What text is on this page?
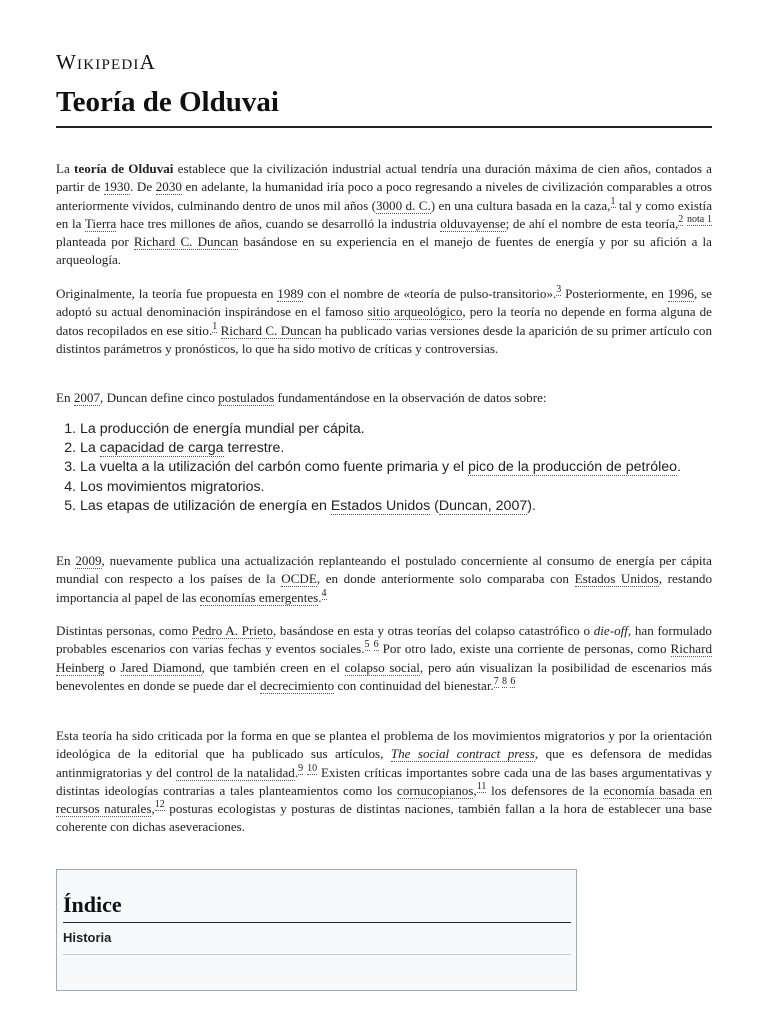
WikipediA
Teoría de Olduvai

La teoría de Olduvai establece que la civilización industrial actual tendría una duración máxima de cien años, contados a partir de 1930. De 2030 en adelante, la humanidad iría poco a poco regresando a niveles de civilización comparables a otros anteriormente vividos, culminando dentro de unos mil años (3000 d. C.) en una cultura basada en la caza,$^1$ tal y como existía en la Tierra hace tres millones de años, cuando se desarrolló la industria olduvayense; de ahí el nombre de esta teoría,$^2$ $^{nota 1}$ planteada por Richard C. Duncan basándose en su experiencia en el manejo de fuentes de energía y por su afición a la arqueología.

Originalmente, la teoría fue propuesta en 1989 con el nombre de «teoría de pulso-transitorio».$^3$ Posteriormente, en 1996, se adoptó su actual denominación inspirándose en el famoso sitio arqueológico, pero la teoría no depende en forma alguna de datos recopilados en ese sitio.$^1$ Richard C. Duncan ha publicado varias versiones desde la aparición de su primer artículo con distintos parámetros y pronósticos, lo que ha sido motivo de críticas y controversias.

En 2007, Duncan define cinco postulados fundamentándose en la observación de datos sobre:

1. La producción de energía mundial per cápita.
2. La capacidad de carga terrestre.
3. La vuelta a la utilización del carbón como fuente primaria y el pico de la producción de petróleo.
4. Los movimientos migratorios.
5. Las etapas de utilización de energía en Estados Unidos (Duncan, 2007).

En 2009, nuevamente publica una actualización replanteando el postulado concerniente al consumo de energía per cápita mundial con respecto a los países de la OCDE, en donde anteriormente solo comparaba con Estados Unidos, restando importancia al papel de las economías emergentes.$^4$

Distintas personas, como Pedro A. Prieto, basándose en esta y otras teorías del colapso catastrófico o die-off, han formulado probables escenarios con varias fechas y eventos sociales.$^5$ $^6$ Por otro lado, existe una corriente de personas, como Richard Heinberg o Jared Diamond, que también creen en el colapso social, pero aún visualizan la posibilidad de escenarios más benevolentes en donde se puede dar el decrecimiento con continuidad del bienestar.$^7$ $^8$ $^6$

Esta teoría ha sido criticada por la forma en que se plantea el problema de los movimientos migratorios y por la orientación ideológica de la editorial que ha publicado sus artículos, The social contract press, que es defensora de medidas antinmigratorias y del control de la natalidad.$^9$ $^{10}$ Existen críticas importantes sobre cada una de las bases argumentativas y distintas ideologías contrarias a tales planteamientos como los cornucopianos,$^{11}$ los defensores de la economía basada en recursos naturales,$^{12}$ posturas ecologistas y posturas de distintas naciones, también fallan a la hora de establecer una base coherente con dichas aseveraciones.

Índice
Historia
